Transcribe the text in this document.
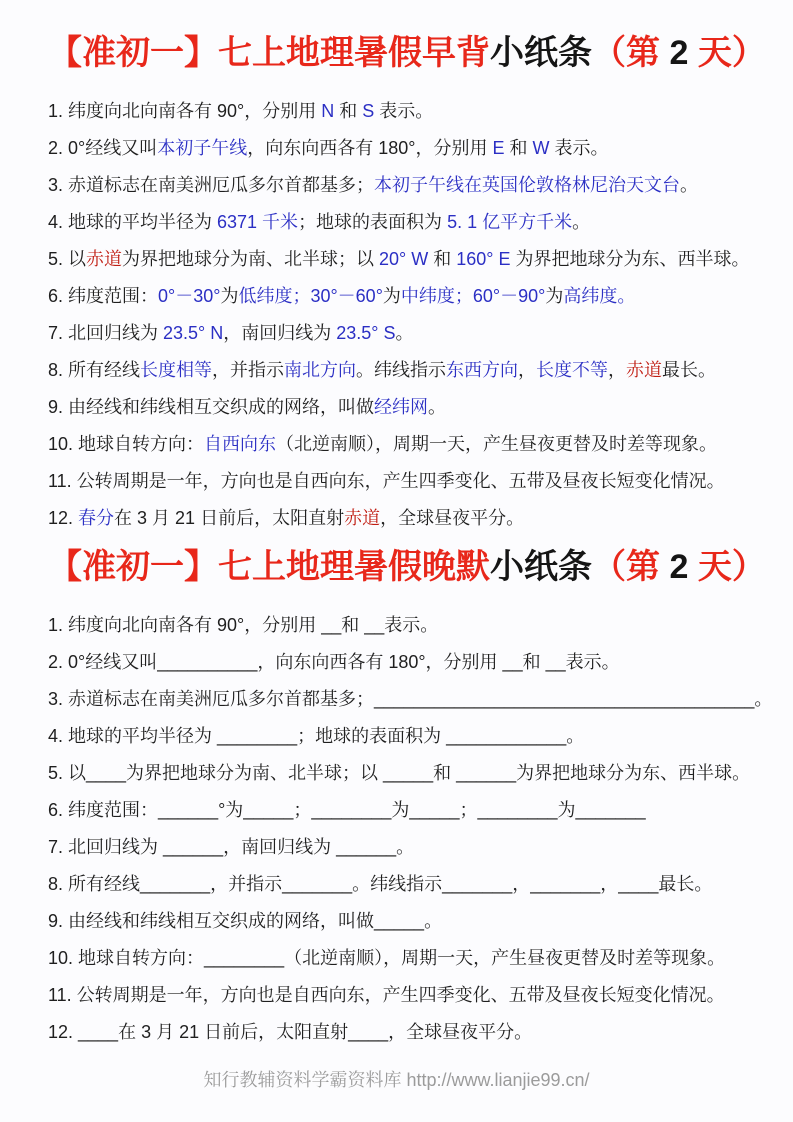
【准初一】七上地理暑假早背小纸条（第 2 天）
1. 纬度向北向南各有 90°，分别用 N 和 S 表示。
2. 0°经线又叫本初子午线，向东向西各有 180°，分别用 E 和 W 表示。
3. 赤道标志在南美洲厄瓜多尔首都基多；本初子午线在英国伦敦格林尼治天文台。
4. 地球的平均半径为 6371 千米；地球的表面积为 5. 1 亿平方千米。
5. 以赤道为界把地球分为南、北半球；以 20° W 和 160° E 为界把地球分为东、西半球。
6. 纬度范围：0°－30°为低纬度；30°－60°为中纬度；60°－90°为高纬度。
7. 北回归线为 23.5° N，南回归线为 23.5° S。
8. 所有经线长度相等，并指示南北方向。纬线指示东西方向，长度不等，赤道最长。
9. 由经线和纬线相互交织成的网络，叫做经纬网。
10. 地球自转方向：自西向东（北逆南顺），周期一天，产生昼夜更替及时差等现象。
11. 公转周期是一年，方向也是自西向东，产生四季变化、五带及昼夜长短变化情况。
12. 春分在 3 月 21 日前后，太阳直射赤道，全球昼夜平分。
【准初一】七上地理暑假晚默小纸条（第 2 天）
1. 纬度向北向南各有 90°，分别用 __和 __表示。
2. 0°经线又叫__________，向东向西各有 180°，分别用 __和 __表示。
3. 赤道标志在南美洲厄瓜多尔首都基多；______________________________________。
4. 地球的平均半径为 ________；地球的表面积为 ____________。
5. 以____为界把地球分为南、北半球；以 _____和 ______为界把地球分为东、西半球。
6. 纬度范围：______°为_____；________为_____；________为_______
7. 北回归线为 ______，南回归线为 ______。
8. 所有经线_______，并指示_______。纬线指示_______，_______，____最长。
9. 由经线和纬线相互交织成的网络，叫做_____。
10. 地球自转方向：________（北逆南顺），周期一天，产生昼夜更替及时差等现象。
11. 公转周期是一年，方向也是自西向东，产生四季变化、五带及昼夜长短变化情况。
12. ____在 3 月 21 日前后，太阳直射____，全球昼夜平分。
知行教辅资料学霸资料库 http://www.lianjie99.cn/
